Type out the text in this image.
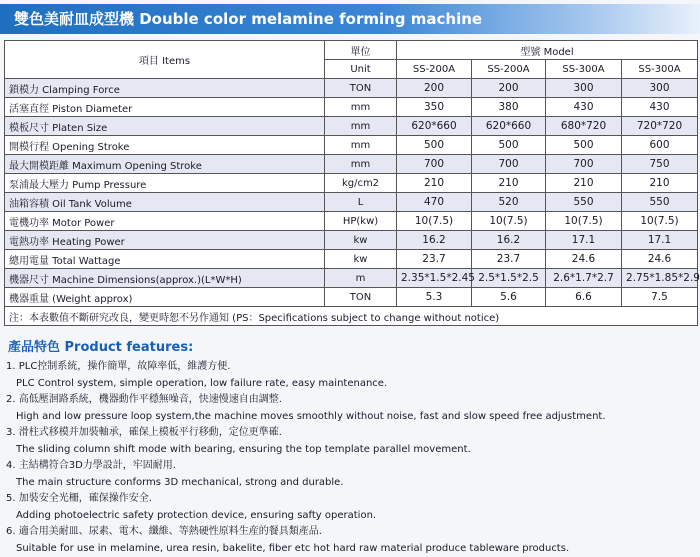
雙色美耐皿成型機 Double color melamine forming machine
項目 Items	單位	型號 Model			
	Unit	SS-200A	SS-200A	SS-300A	SS-300A
鎖模力 Clamping Force	TON	200	200	300	300
活塞直徑 Piston Diameter	mm	350	380	430	430
模板尺寸 Platen Size	mm	620*660	620*660	680*720	720*720
開模行程 Opening Stroke	mm	500	500	500	600
最大開模距離 Maximum Opening Stroke	mm	700	700	700	750
泵浦最大壓力 Pump Pressure	kg/cm2	210	210	210	210
油箱容積 Oil Tank Volume	L	470	520	550	550
電機功率 Motor Power	HP(kw)	10(7.5)	10(7.5)	10(7.5)	10(7.5)
電熱功率 Heating Power	kw	16.2	16.2	17.1	17.1
總用電量 Total Wattage	kw	23.7	23.7	24.6	24.6
機器尺寸 Machine Dimensions(approx.)(L*W*H)	m	2.35*1.5*2.45	2.5*1.5*2.5	2.6*1.7*2.7	2.75*1.85*2.9
機器重量 (Weight approx)	TON	5.3	5.6	6.6	7.5
注：本表數值不斷研究改良，變更時恕不另作通知 (PS：Specifications subject to change without notice)					
產品特色 Product features:
1. PLC控制系統，操作簡單，故障率低，維護方便.
PLC Control system, simple operation, low failure rate, easy maintenance.
2. 高低壓洄路系統，機器動作平穩無噪音，快速慢速自由調整.
High and low pressure loop system,the machine moves smoothly without noise, fast and slow speed free adjustment.
3. 滑柱式移模并加裝軸承，確保上模板平行移動，定位更準確.
The sliding column shift mode with bearing, ensuring the top template parallel movement.
4. 主結構符合3D力學設計，牢固耐用.
The main structure conforms 3D mechanical, strong and durable.
5. 加裝安全光柵，確保操作安全.
Adding photoelectric safety protection device, ensuring safty operation.
6. 適合用美耐皿、尿素、電木、纖維、等熱硬性原料生産的餐具類產品.
Suitable for use in melamine, urea resin, bakelite, fiber etc hot hard raw material produce tableware products.
